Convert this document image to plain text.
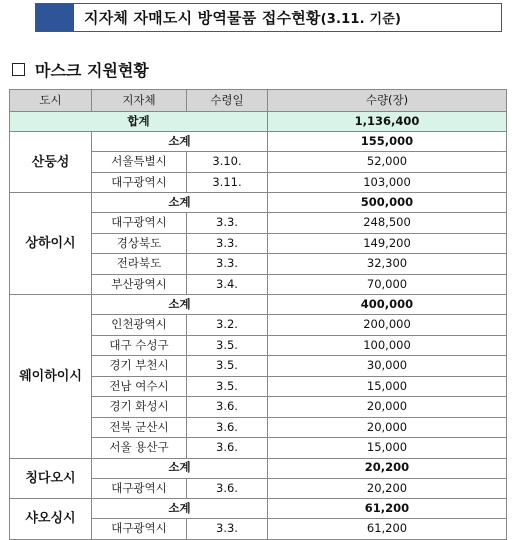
지자체 자매도시 방역물품 접수현황(3.11. 기준)
마스크 지원현황
도시	지자체	수령일	수량(장)
합계			1,136,400
산둥성	소계		155,000
	서울특별시	3.10.	52,000
	대구광역시	3.11.	103,000
상하이시	소계		500,000
	대구광역시	3.3.	248,500
	경상북도	3.3.	149,200
	전라북도	3.3.	32,300
	부산광역시	3.4.	70,000
웨이하이시	소계		400,000
	인천광역시	3.2.	200,000
	대구 수성구	3.5.	100,000
	경기 부천시	3.5.	30,000
	전남 여수시	3.5.	15,000
	경기 화성시	3.6.	20,000
	전북 군산시	3.6.	20,000
	서울 용산구	3.6.	15,000
칭다오시	소계		20,200
	대구광역시	3.6.	20,200
샤오싱시	소계		61,200
	대구광역시	3.3.	61,200
